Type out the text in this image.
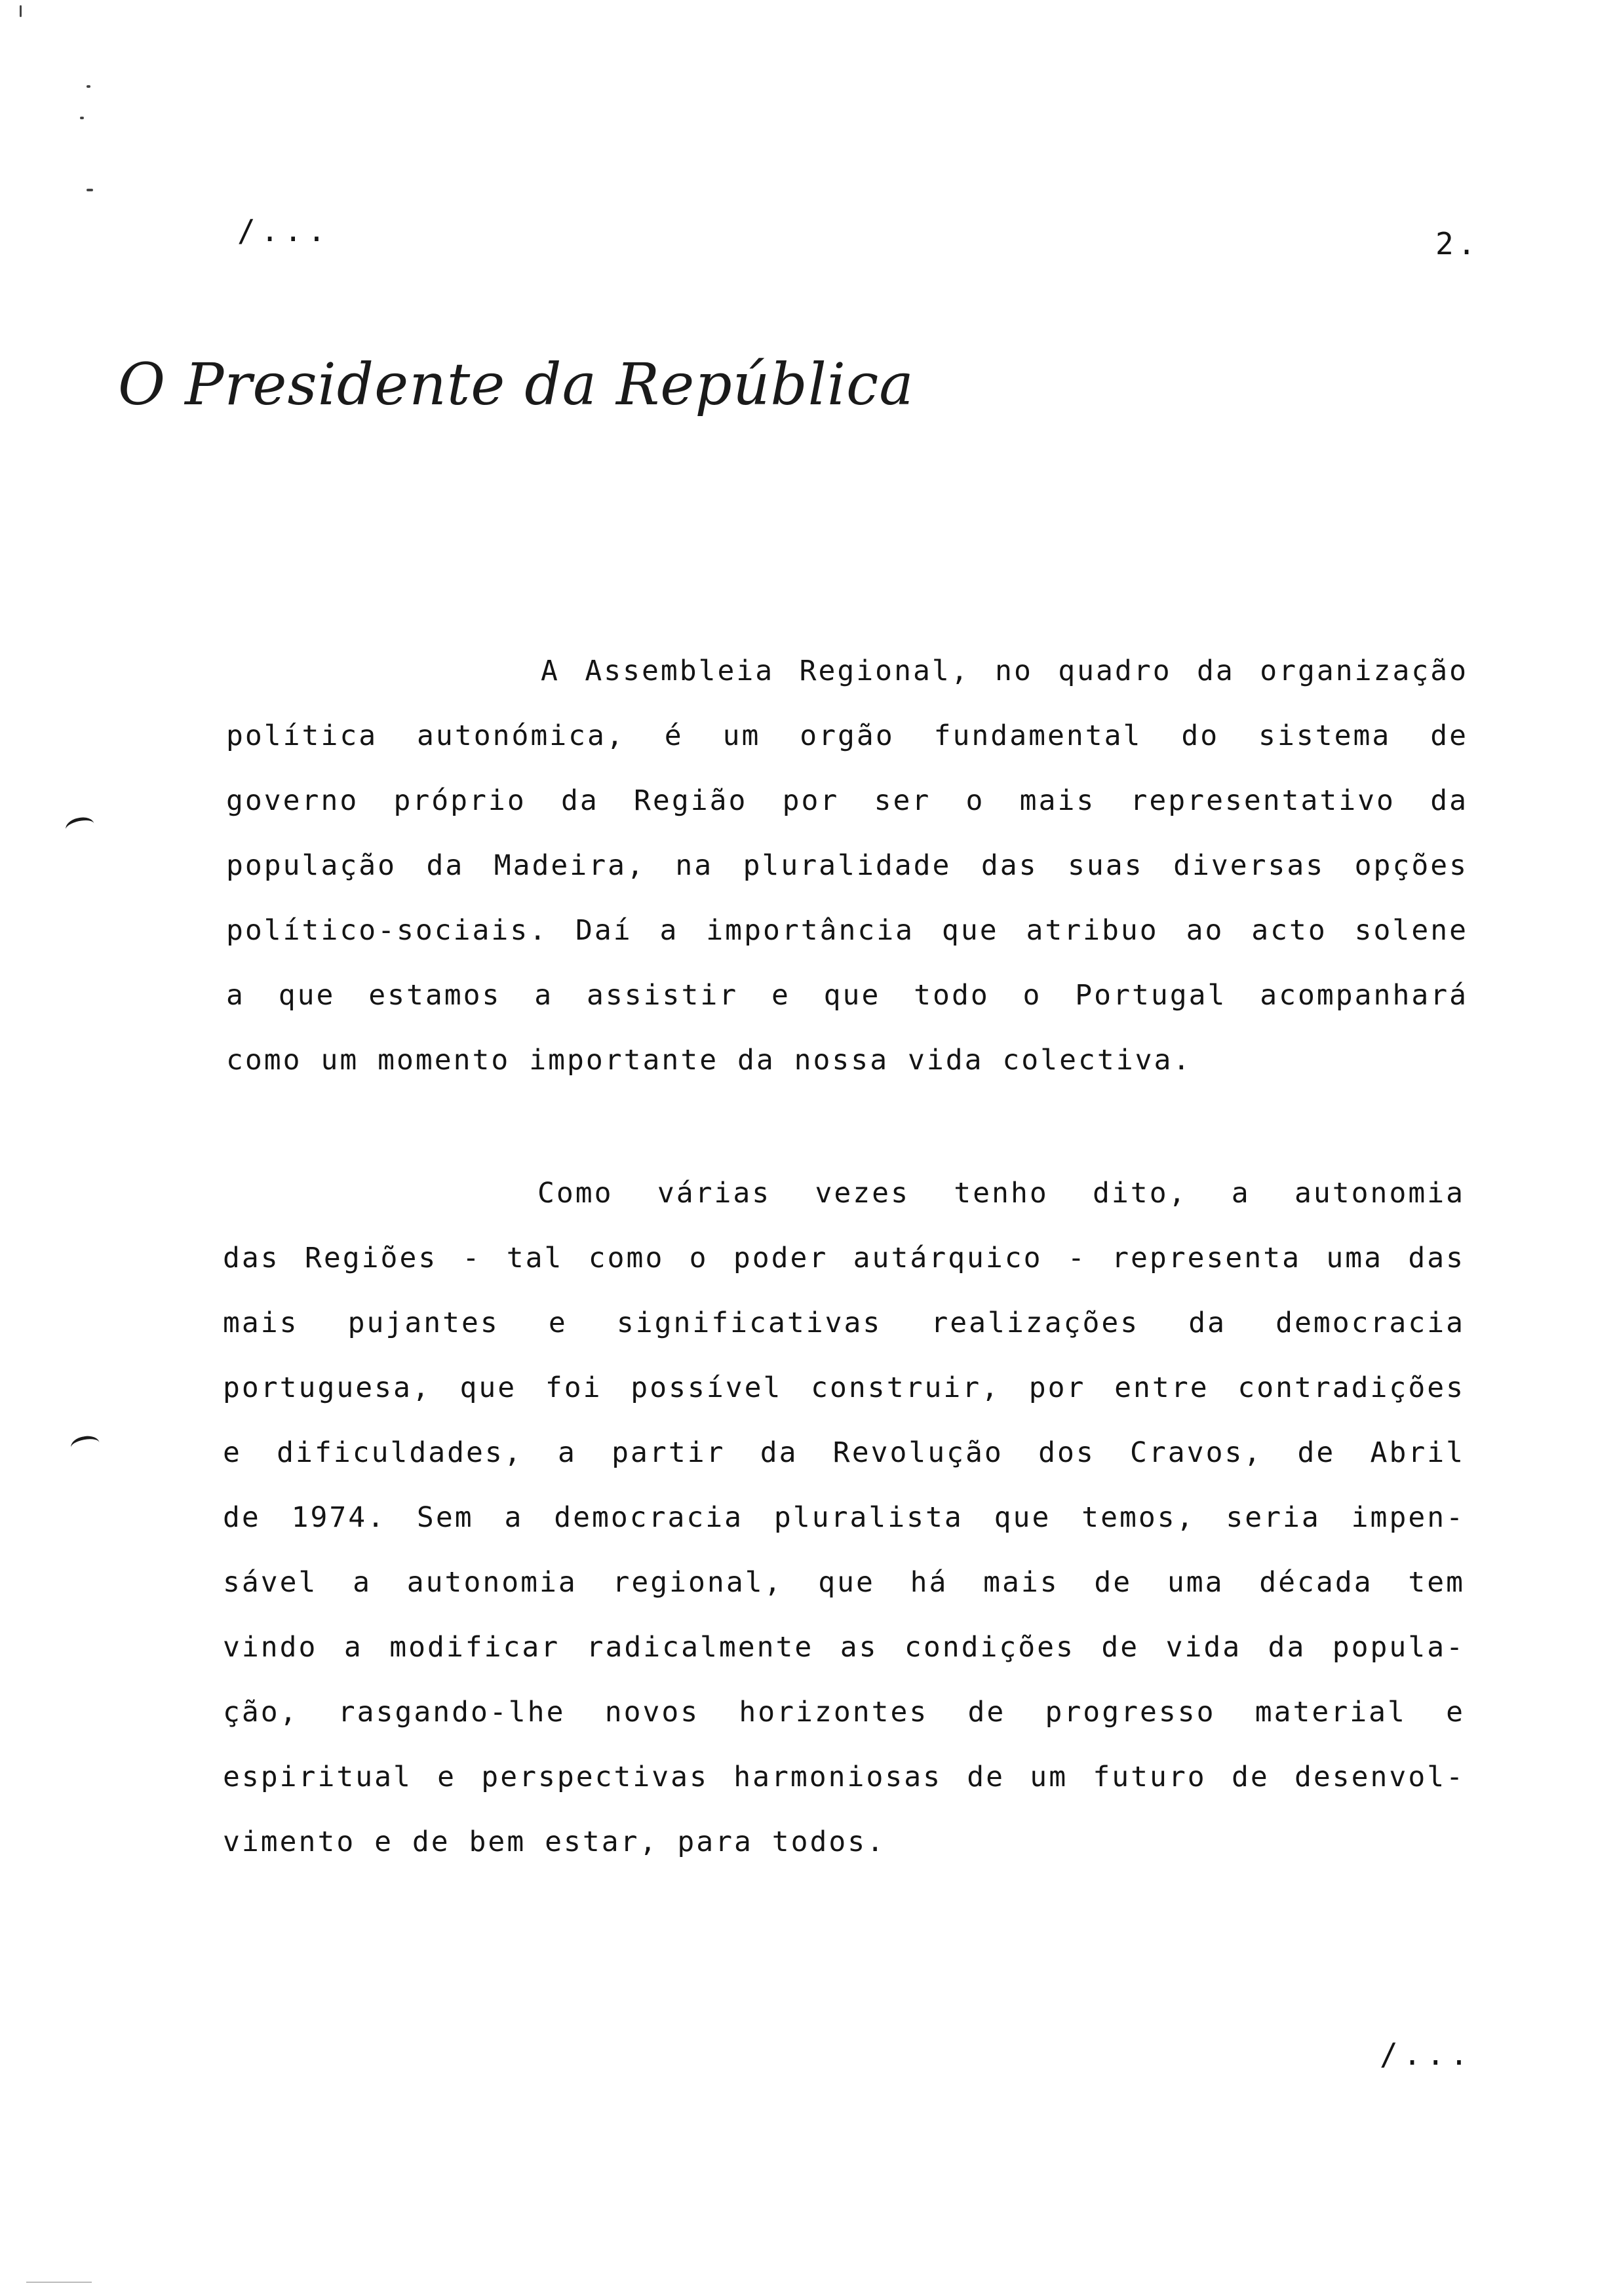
/...	2.
O Presidente da República
A Assembleia Regional, no quadro da organização
política autonómica, é um orgão fundamental do sistema de
governo próprio da Região por ser o mais representativo da
população da Madeira, na pluralidade das suas diversas opções
político-sociais. Daí a importância que atribuo ao acto solene
a que estamos a assistir e que todo o Portugal acompanhará
como um momento importante da nossa vida colectiva.
Como várias vezes tenho dito, a autonomia
das Regiões - tal como o poder autárquico - representa uma das
mais pujantes e significativas realizações da democracia
portuguesa, que foi possível construir, por entre contradições
e dificuldades, a partir da Revolução dos Cravos, de Abril
de 1974. Sem a democracia pluralista que temos, seria impen-
sável a autonomia regional, que há mais de uma década tem
vindo a modificar radicalmente as condições de vida da popula-
ção, rasgando-lhe novos horizontes de progresso material e
espiritual e perspectivas harmoniosas de um futuro de desenvol-
vimento e de bem estar, para todos.
/...
